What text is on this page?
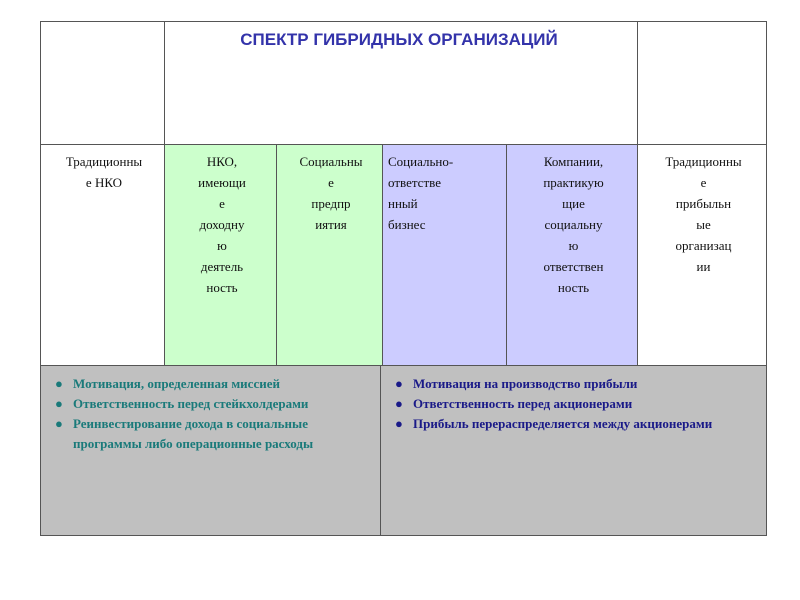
Традиционны
е НКО
НКО,
имеющи
е
доходну
ю
деятель
ность
Социальны
е
предпр
иятия
Социально-
ответстве
нный
бизнес
Компании,
практикую
щие
социальну
ю
ответствен
ность
Традиционны
е
прибыльн
ые
организац
ии
● Мотивация, определенная миссией
● Ответственность перед стейкхолдерами
● Реинвестирование дохода в социальные программы либо операционные расходы
● Мотивация на производство прибыли
● Ответственность перед акционерами
● Прибыль перераспределяется между акционерами
СПЕКТР ГИБРИДНЫХ ОРГАНИЗАЦИЙ
